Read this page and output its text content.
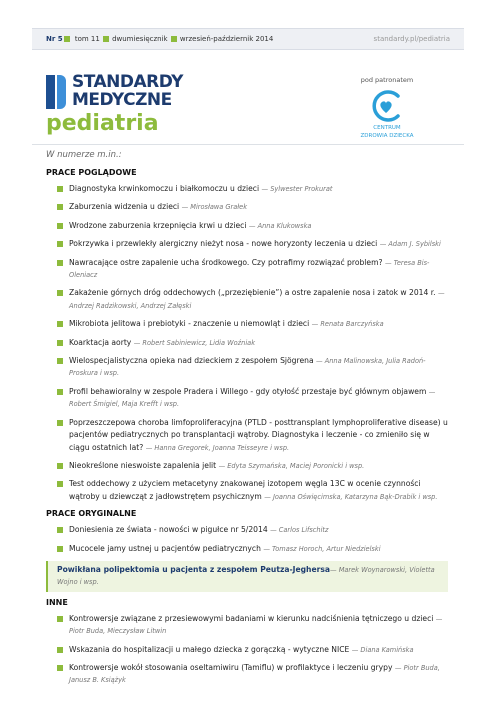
Nr 5 tom 11 dwumiesięcznik wrzesień-październik 2014	standardy.pl/pediatria
STANDARDY
MEDYCZNE
pediatria
pod patronatem
CENTRUM
ZDROWIA DZIECKA
W numerze m.in.:
PRACE POGLĄDOWE
Diagnostyka krwinkomoczu i białkomoczu u dzieci — Sylwester Prokurat
Zaburzenia widzenia u dzieci — Mirosława Grałek
Wrodzone zaburzenia krzepnięcia krwi u dzieci — Anna Klukowska
Pokrzywka i przewlekły alergiczny nieżyt nosa - nowe horyzonty leczenia u dzieci — Adam J. Sybilski
Nawracające ostre zapalenie ucha środkowego. Czy potrafimy rozwiązać problem? — Teresa Bis-Oleniacz
Zakażenie górnych dróg oddechowych („przeziębienie”) a ostre zapalenie nosa i zatok w 2014 r. — Andrzej Radzikowski, Andrzej Załęski
Mikrobiota jelitowa i prebiotyki - znaczenie u niemowląt i dzieci — Renata Barczyńska
Koarktacja aorty — Robert Sabiniewicz, Lidia Woźniak
Wielospecjalistyczna opieka nad dzieckiem z zespołem Sjögrena — Anna Malinowska, Julia Radoń-Proskura i wsp.
Profil behawioralny w zespole Pradera i Willego - gdy otyłość przestaje być głównym objawem — Robert Śmigiel, Maja Krefft i wsp.
Poprzeszczepowa choroba limfoproliferacyjna (PTLD - posttransplant lymphoproliferative disease) u pacjentów pediatrycznych po transplantacji wątroby. Diagnostyka i leczenie - co zmieniło się w ciągu ostatnich lat? — Hanna Gregorek, Joanna Teisseyre i wsp.
Nieokreślone nieswoiste zapalenia jelit — Edyta Szymańska, Maciej Poronicki i wsp.
Test oddechowy z użyciem metacetyny znakowanej izotopem węgla 13C w ocenie czynności wątroby u dziewcząt z jadłowstrętem psychicznym — Joanna Oświęcimska, Katarzyna Bąk-Drabik i wsp.
PRACE ORYGINALNE
Doniesienia ze świata - nowości w pigułce nr 5/2014 — Carlos Lifschitz
Mucocele jamy ustnej u pacjentów pediatrycznych — Tomasz Horoch, Artur Niedzielski
Powikłana polipektomia u pacjenta z zespołem Peutza-Jeghersa— Marek Woynarowski, Violetta Wojno i wsp.
INNE
Kontrowersje związane z przesiewowymi badaniami w kierunku nadciśnienia tętniczego u dzieci — Piotr Buda, Mieczysław Litwin
Wskazania do hospitalizacji u małego dziecka z gorączką - wytyczne NICE — Diana Kamińska
Kontrowersje wokół stosowania oseltamiwiru (Tamiflu) w profilaktyce i leczeniu grypy — Piotr Buda, Janusz B. Książyk
